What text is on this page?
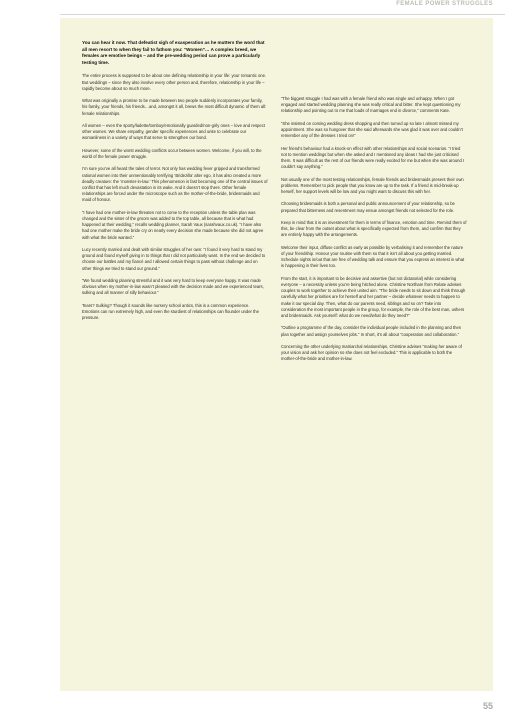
FEMALE POWER STRUGGLES

You can hear it now. That defeatist sigh of exasperation as he mutters the word that all men resort to when they fail to fathom you: “Women”… A complex breed, we females are emotive beings – and the pre-wedding period can prove a particularly testing time.

The entire process is supposed to be about one defining relationship in your life: your romantic one. But weddings – since they also involve every other person and, therefore, relationship in your life – rapidly become about so much more.

What was originally a promise to be made between two people suddenly incorporates your family, his family, your friends, his friends…and, amongst it all, brews the most difficult dynamic of them all: female relationships.

All women – even the sporty/ladette/tomboy/emotionally guarded/non-girly ones – love and respect other women. We share empathy, gender specific experiences and unite to celebrate our womanliness in a variety of ways that serve to strengthen our bond.

However, some of the worst wedding conflicts occur between women. Welcome, if you will, to the world of the female power struggle.

I’m sure you’ve all heard the tales of terror. Not only has wedding fever gripped and transformed rational women into their unmentionably terrifying ‘Bridezilla’ alter ego, it has also created a more deadly creature: the ‘monster-in-law.’ This phenomenon is fast becoming one of the central issues of conflict that has left much devastation in its wake. And it doesn’t stop there. Other female relationships are forced under the microscope such as the mother-of-the-bride, bridesmaids and maid of honour.

“I have had one mother-in-law threaten not to come to the reception unless the table plan was changed and the sister of the groom was added to the top table, all because that is what had happened at their wedding,” recalls wedding planner, Sarah Vaux (sarahvaux.co.uk). “I have also had one mother make the bride cry on nearly every decision she made because she did not agree with what the bride wanted.”

Lucy recently married and dealt with similar struggles of her own: “I found it very hard to stand my ground and found myself giving in to things that I did not particularly want. In the end we decided to choose our battles and my fiancé and I allowed certain things to pass without challenge and on other things we tried to stand our ground.”

“We found wedding planning stressful and it was very hard to keep everyone happy. It was made obvious when my mother-in-law wasn’t pleased with the decision made and we experienced tears, sulking and all manner of silly behaviour.”

Tears? Sulking? Though it sounds like nursery school antics, this is a common experience. Emotions can run extremely high, and even the sturdiest of relationships can flounder under the pressure.

“The biggest struggle I had was with a female friend who was single and unhappy. When I got engaged and started wedding planning she was really critical and bitter. She kept questioning my relationship and pointing out to me that loads of marriages end in divorce,” comments Kate.

“She insisted on coming wedding dress shopping and then turned up so late I almost missed my appointment. She was so hungover that she said afterwards she was glad it was over and couldn’t remember any of the dresses I tried on!”

Her friend’s behaviour had a knock-on effect with other relationships and social scenarios. “I tried not to mention weddings but when she asked and I mentioned any ideas I had she just criticised them. It was difficult as the rest of our friends were really excited for me but when she was around I couldn’t say anything.”

Not usually one of the most testing relationships, female friends and bridesmaids present their own problems. Remember to pick people that you know are up to the task. If a friend is mid-break-up herself, her support levels will be low and you might want to discuss this with her.

Choosing bridesmaids is both a personal and public announcement of your relationship, so be prepared that bitterness and resentment may ensue amongst friends not selected for the role.

Keep in mind that it is an investment for them in terms of finance, emotion and time. Remind them of this, be clear from the outset about what is specifically expected from them, and confirm that they are entirely happy with the arrangements.

Welcome their input, diffuse conflict as early as possible by verbalising it and remember the nature of your friendship. Honour your routine with them so that it isn’t all about you getting married. Schedule nights in/out that are free of wedding talk and ensure that you express an interest in what is happening in their lives too.

From the start, it is important to be decisive and assertive (but not dictatorial) while considering everyone – a necessity unless you’re being hitched alone. Christine Northam from Relate advises couples to work together to achieve their united aim. “The bride needs to sit down and think through carefully what her priorities are for herself and her partner – decide whatever needs to happen to make it our special day. Then, what do our parents need, siblings and so on? Take into consideration the most important people in the group, for example, the role of the best man, ushers and bridesmaids. Ask yourself: what do we need/what do they need?”

“Outline a programme of the day, consider the individual people included in the planning and then plan together and assign yourselves jobs.” In short, it’s all about “cooperation and collaboration.”

Concerning the other underlying matriarchal relationships, Christine advises “making her aware of your vision and ask her opinion so she does not feel excluded.” This is applicable to both the mother-of-the-bride and mother-in-law.

55
